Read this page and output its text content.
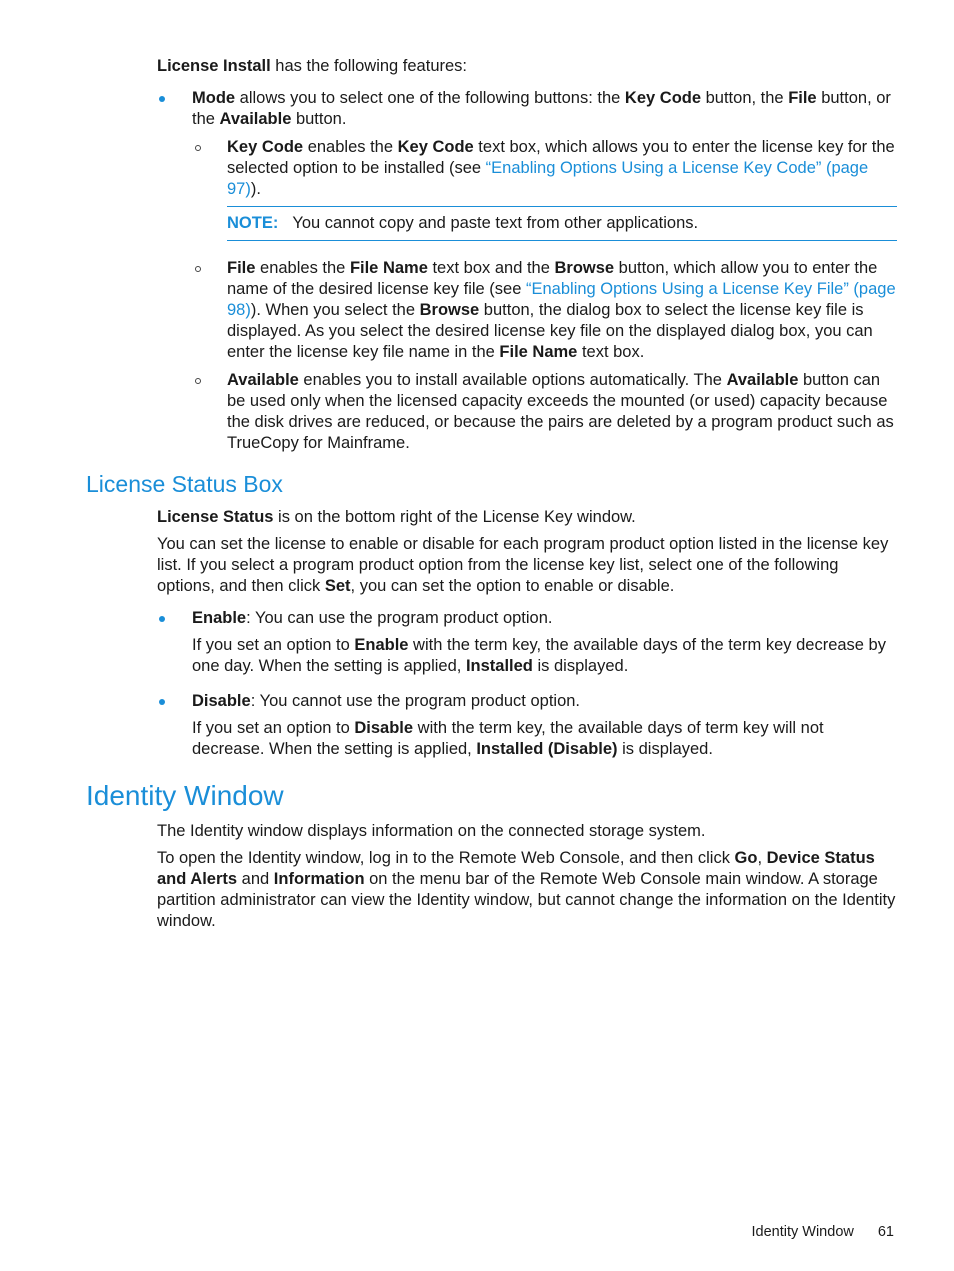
License Install has the following features:

Mode allows you to select one of the following buttons: the Key Code button, the File button, or the Available button.

Key Code enables the Key Code text box, which allows you to enter the license key for the selected option to be installed (see “Enabling Options Using a License Key Code” (page 97)).

NOTE: You cannot copy and paste text from other applications.

File enables the File Name text box and the Browse button, which allow you to enter the name of the desired license key file (see “Enabling Options Using a License Key File” (page 98)). When you select the Browse button, the dialog box to select the license key file is displayed. As you select the desired license key file on the displayed dialog box, you can enter the license key file name in the File Name text box.

Available enables you to install available options automatically. The Available button can be used only when the licensed capacity exceeds the mounted (or used) capacity because the disk drives are reduced, or because the pairs are deleted by a program product such as TrueCopy for Mainframe.

License Status Box

License Status is on the bottom right of the License Key window.

You can set the license to enable or disable for each program product option listed in the license key list. If you select a program product option from the license key list, select one of the following options, and then click Set, you can set the option to enable or disable.

Enable: You can use the program product option.

If you set an option to Enable with the term key, the available days of the term key decrease by one day. When the setting is applied, Installed is displayed.

Disable: You cannot use the program product option.

If you set an option to Disable with the term key, the available days of term key will not decrease. When the setting is applied, Installed (Disable) is displayed.

Identity Window

The Identity window displays information on the connected storage system.

To open the Identity window, log in to the Remote Web Console, and then click Go, Device Status and Alerts and Information on the menu bar of the Remote Web Console main window. A storage partition administrator can view the Identity window, but cannot change the information on the Identity window.

Identity Window 61
